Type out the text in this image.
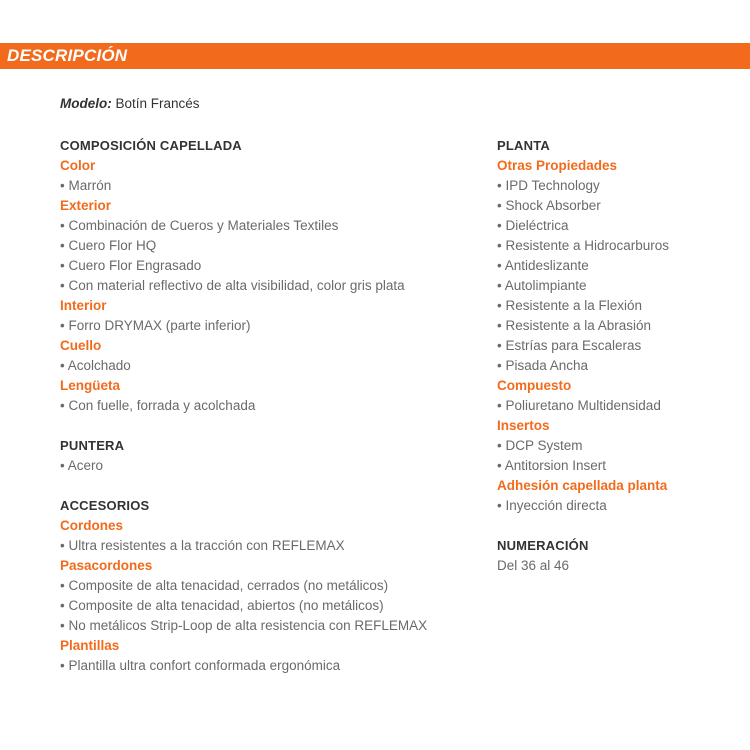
DESCRIPCIÓN
Modelo: Botín Francés
COMPOSICIÓN CAPELLADA
Color
• Marrón
Exterior
• Combinación de Cueros y Materiales Textiles
• Cuero Flor HQ
• Cuero Flor Engrasado
• Con material reflectivo de alta visibilidad, color gris plata
Interior
• Forro DRYMAX (parte inferior)
Cuello
• Acolchado
Lengüeta
• Con fuelle, forrada y acolchada
PUNTERA
• Acero
ACCESORIOS
Cordones
• Ultra resistentes a la tracción con REFLEMAX
Pasacordones
• Composite de alta tenacidad, cerrados (no metálicos)
• Composite de alta tenacidad, abiertos (no metálicos)
• No metálicos Strip-Loop de alta resistencia con REFLEMAX
Plantillas
• Plantilla ultra confort conformada ergonómica
PLANTA
Otras Propiedades
• IPD Technology
• Shock Absorber
• Dieléctrica
• Resistente a Hidrocarburos
• Antideslizante
• Autolimpiante
• Resistente a la Flexión
• Resistente a la Abrasión
• Estrías para Escaleras
• Pisada Ancha
Compuesto
• Poliuretano Multidensidad
Insertos
• DCP System
• Antitorsion Insert
Adhesión capellada planta
• Inyección directa
NUMERACIÓN
Del 36 al 46
